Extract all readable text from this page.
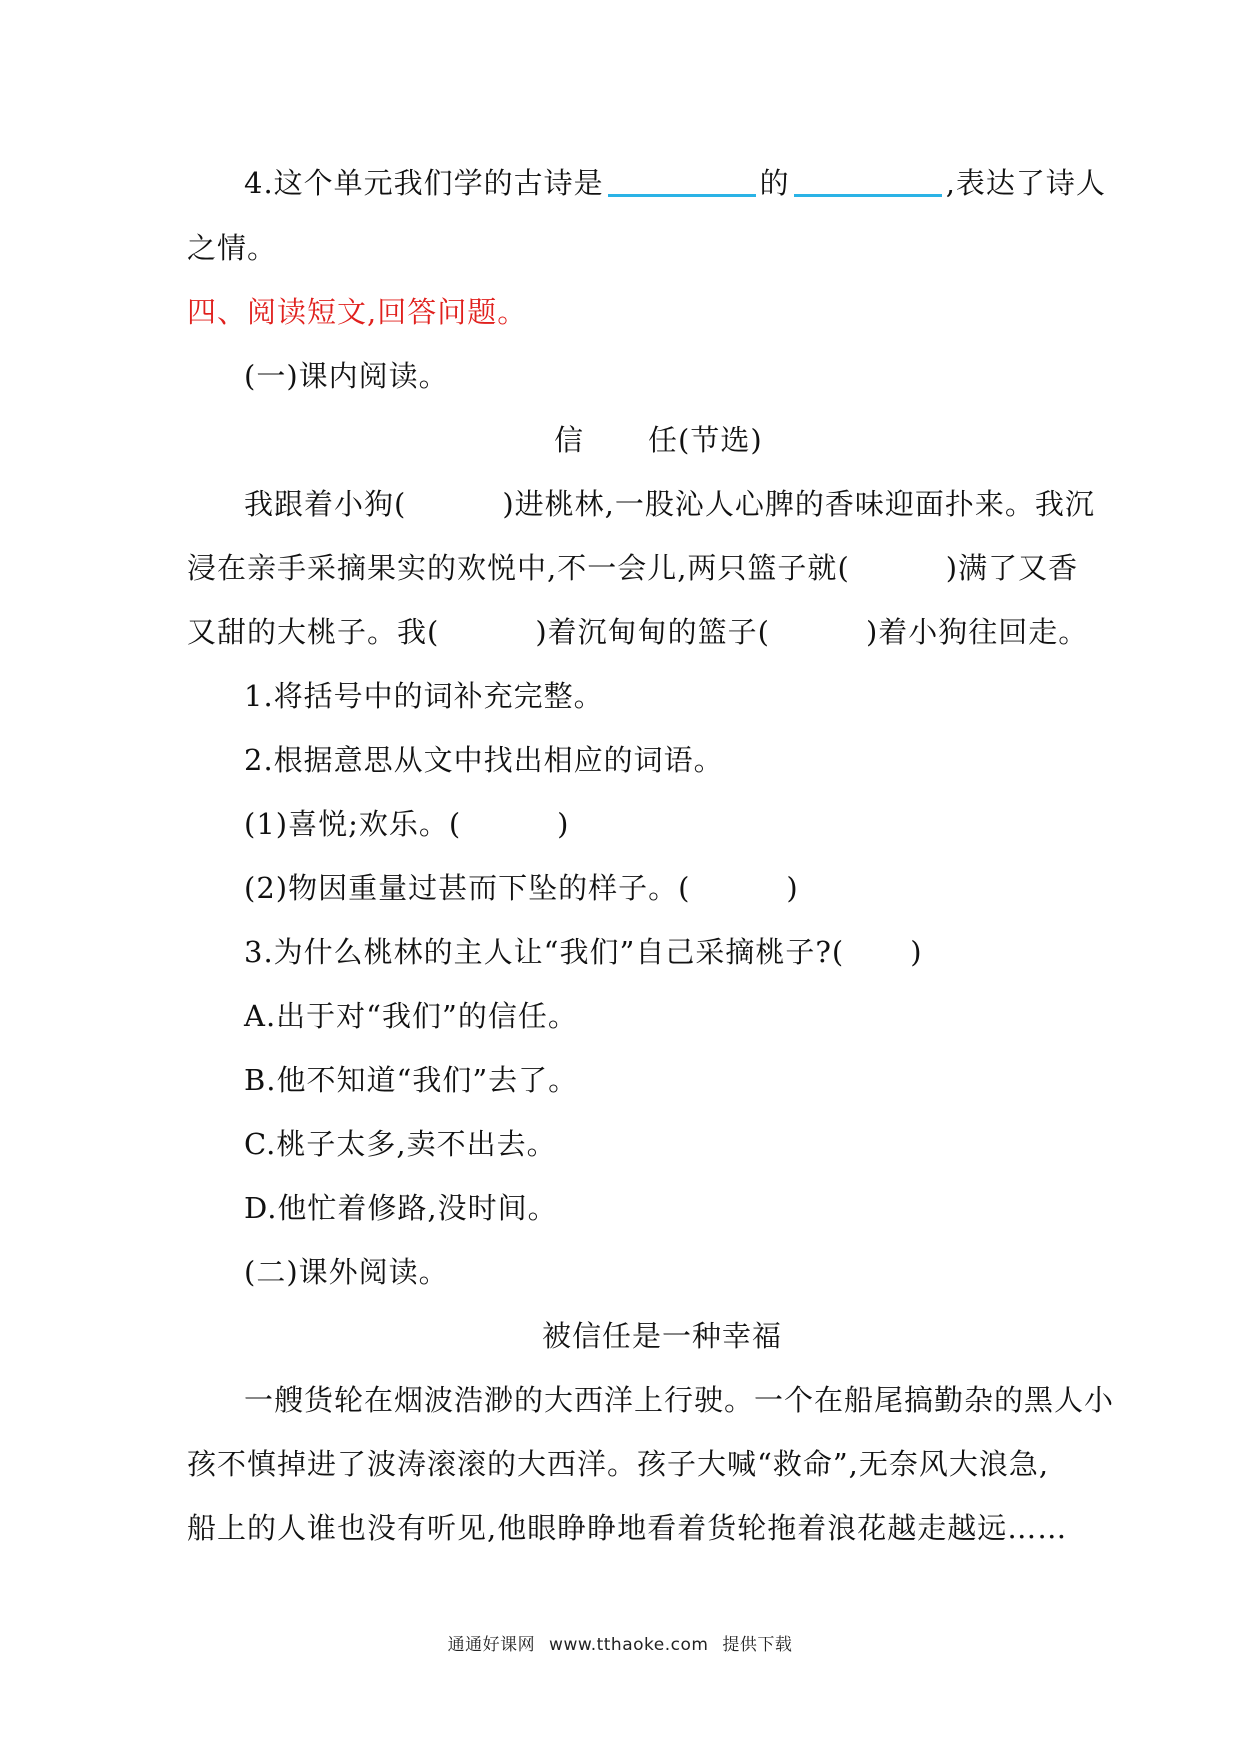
4.这个单元我们学的古诗是	的	,表达了诗人
之情。
四、阅读短文,回答问题。
(一)课内阅读。
信 任(节选)
我跟着小狗(	)进桃林,一股沁人心脾的香味迎面扑来。我沉
浸在亲手采摘果实的欢悦中,不一会儿,两只篮子就(	)满了又香
又甜的大桃子。我(	)着沉甸甸的篮子(	)着小狗往回走。
1.将括号中的词补充完整。
2.根据意思从文中找出相应的词语。
(1)喜悦;欢乐。(	)
(2)物因重量过甚而下坠的样子。(	)
3.为什么桃林的主人让“我们”自己采摘桃子?( )
A.出于对“我们”的信任。
B.他不知道“我们”去了。
C.桃子太多,卖不出去。
D.他忙着修路,没时间。
(二)课外阅读。
被信任是一种幸福
一艘货轮在烟波浩渺的大西洋上行驶。一个在船尾搞勤杂的黑人小
孩不慎掉进了波涛滚滚的大西洋。孩子大喊“救命”,无奈风大浪急,
船上的人谁也没有听见,他眼睁睁地看着货轮拖着浪花越走越远……
通通好课网 www.tthaoke.com 提供下载
